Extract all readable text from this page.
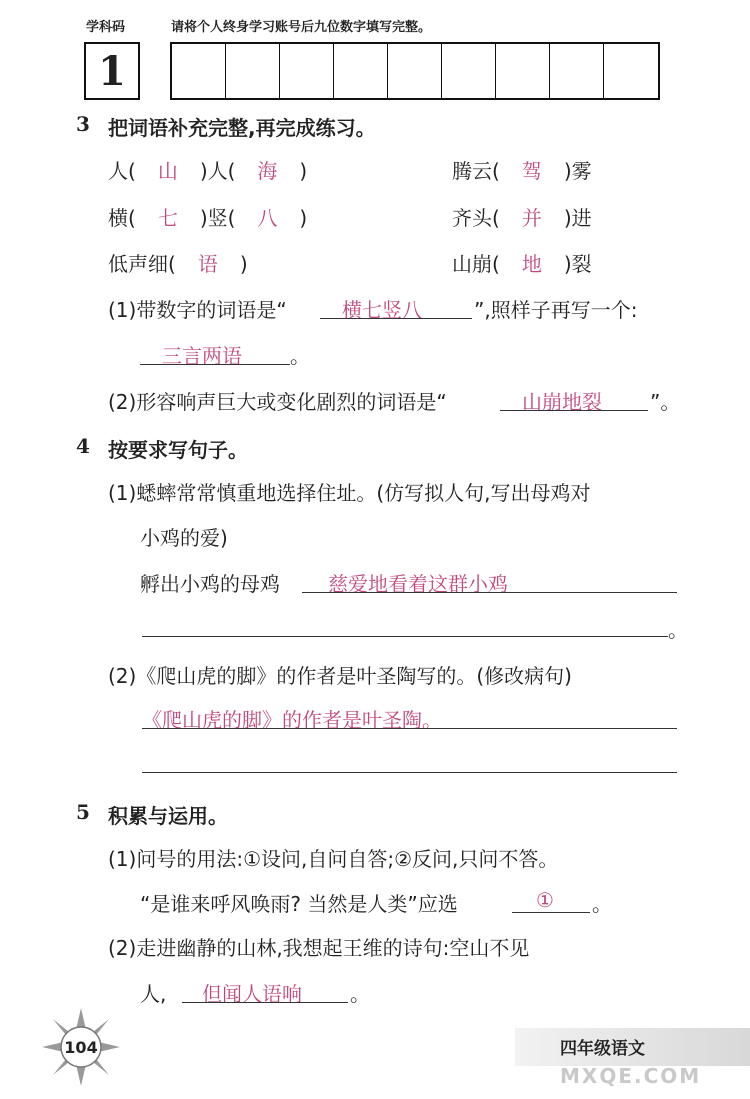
学科码	请将个人终身学习账号后九位数字填写完整。
1
3 把词语补充完整,再完成练习。
人( 山 )人( 海 )	腾云( 驾 )雾
横( 七 )竖( 八 )	齐头( 并 )进
低声细( 语 )	山崩( 地 )裂
(1)带数字的词语是“	横七竖八	”,照样子再写一个:
三言两语 。
(2)形容响声巨大或变化剧烈的词语是“	山崩地裂 ”。
4 按要求写句子。
(1)蟋蟀常常慎重地选择住址。(仿写拟人句,写出母鸡对
小鸡的爱)
孵出小鸡的母鸡 慈爱地看着这群小鸡
。
(2)《爬山虎的脚》的作者是叶圣陶写的。(修改病句)
《爬山虎的脚》的作者是叶圣陶。
5 积累与运用。
(1)问号的用法:①设问,自问自答;②反问,只问不答。
“是谁来呼风唤雨? 当然是人类”应选	① 。
(2)走进幽静的山林,我想起王维的诗句:空山不见
人, 但闻人语响 。
104	四年级语文
MXQE.COM
